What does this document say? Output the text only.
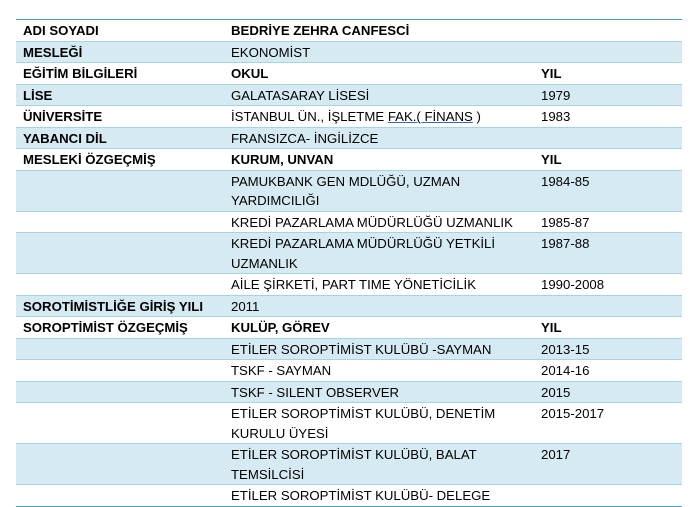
ADI SOYADI	BEDRİYE ZEHRA CANFESCİ	
MESLEĞİ	EKONOMİST	
EĞİTİM BİLGİLERİ	OKUL	YIL
LİSE	GALATASARAY LİSESİ	1979
ÜNİVERSİTE	İSTANBUL ÜN., İŞLETME FAK.( FİNANS )	1983
YABANCI DİL	FRANSIZCA- İNGİLİZCE	
MESLEKİ ÖZGEÇMİŞ	KURUM, UNVAN	YIL
	PAMUKBANK GEN MDLÜĞÜ, UZMAN YARDIMCILIĞI	1984-85
	KREDİ PAZARLAMA MÜDÜRLÜĞÜ UZMANLIK	1985-87
	KREDİ PAZARLAMA MÜDÜRLÜĞÜ YETKİLİ UZMANLIK	1987-88
	AİLE ŞİRKETİ, PART TIME YÖNETİCİLİK	1990-2008
SOROTİMİSTLİĞE GİRİŞ YILI	2011	
SOROPTİMİST ÖZGEÇMİŞ	KULÜP, GÖREV	YIL
	ETİLER SOROPTİMİST KULÜBÜ -SAYMAN	2013-15
	TSKF - SAYMAN	2014-16
	TSKF - SILENT OBSERVER	2015
	ETİLER SOROPTİMİST KULÜBÜ, DENETİM KURULU ÜYESİ	2015-2017
	ETİLER SOROPTİMİST KULÜBÜ, BALAT TEMSİLCİSİ	2017
	ETİLER SOROPTİMİST KULÜBÜ- DELEGE	
